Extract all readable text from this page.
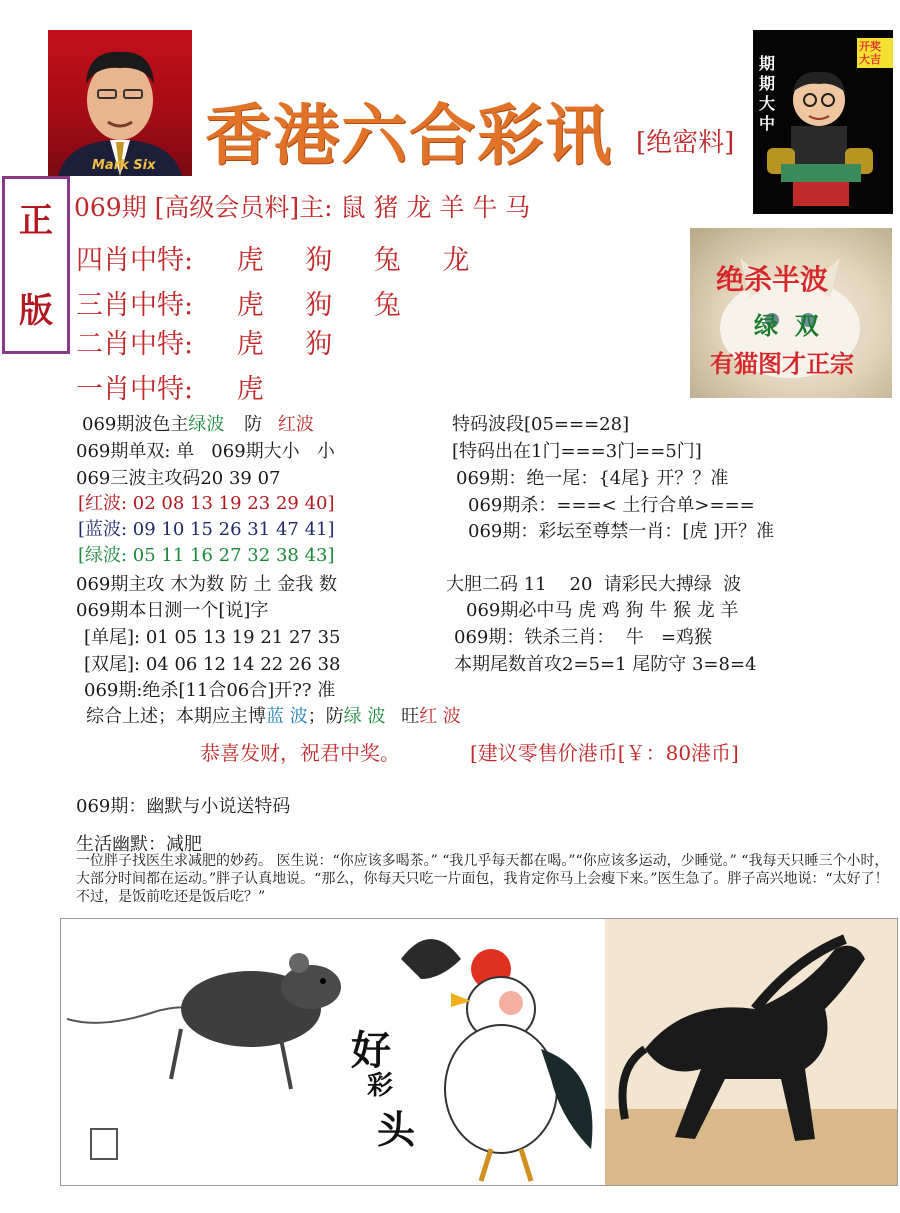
Mark Six 香港六合彩讯 [绝密料]
期期大中
开奖大吉
正
版
069期 [高级会员料]主: 鼠 猪 龙 羊 牛 马
四肖中特: 虎 狗 兔 龙
三肖中特: 虎 狗 兔
二肖中特: 虎 狗
一肖中特: 虎
绝杀半波
绿  双
有猫图才正宗
069期波色主绿波 防 红波
069期单双: 单   069期大小   小
069三波主攻码20 39 07
[红波: 02 08 13 19 23 29 40]
[蓝波: 09 10 15 26 31 47 41]
[绿波: 05 11 16 27 32 38 43]
069期主攻 木为数 防 土 金我 数
069期本日测一个[说]字
[单尾]: 01 05 13 19 21 27 35
[双尾]: 04 06 12 14 22 26 38
069期:绝杀[11合06合]开?? 准
综合上述；本期应主博蓝 波；防绿 波 旺红 波
特码波段[05===28]
[特码出在1门===3门==5门]
069期：绝一尾：{4尾} 开？？准
069期杀：===< 土行合单>===
069期：彩坛至尊禁一肖：[虎 ]开？准
大胆二码 11    20  请彩民大搏绿  波
069期必中马 虎 鸡 狗 牛 猴 龙 羊
069期：铁杀三肖：  牛   =鸡猴
本期尾数首攻2=5=1 尾防守 3=8=4
恭喜发财，祝君中奖。	[建议零售价港币[￥：80港币]
069期：幽默与小说送特码
生活幽默：减肥
一位胖子找医生求减肥的妙药。 医生说：“你应该多喝茶。” “我几乎每天都在喝。”“你应该多运动，少睡觉。” “我每天只睡三个小时，大部分时间都在运动。”胖子认真地说。“那么，你每天只吃一片面包，我肯定你马上会瘦下来。”医生急了。胖子高兴地说：“太好了！不过，是饭前吃还是饭后吃？”
好
彩
头
